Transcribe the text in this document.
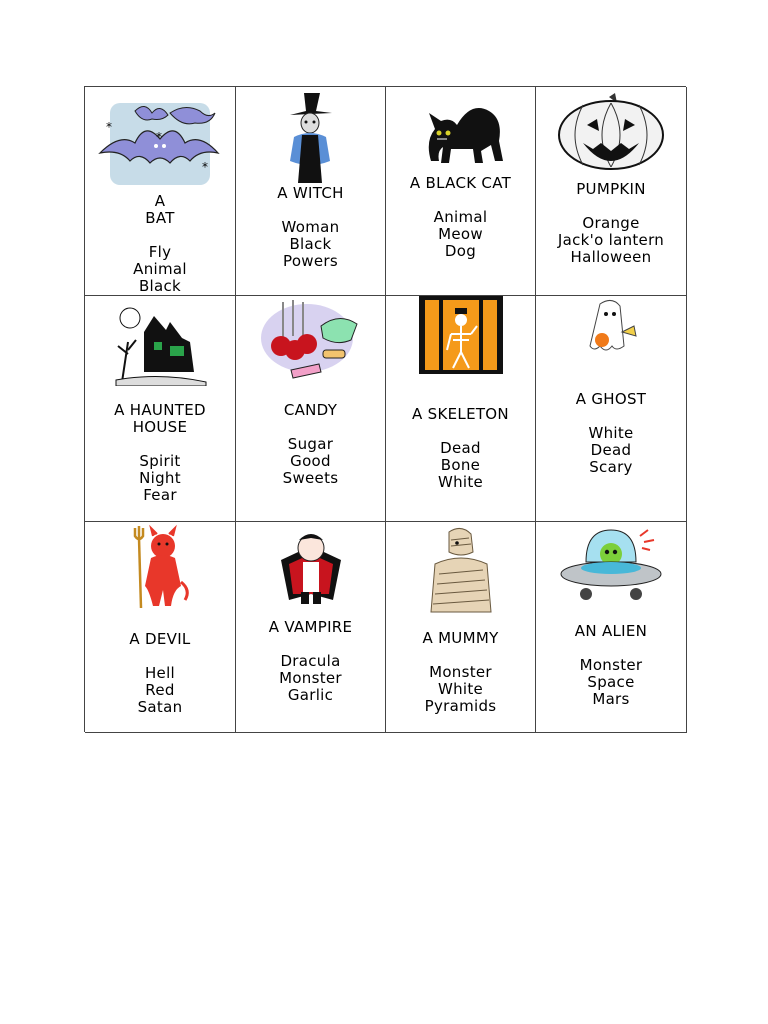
*
*
*
A
BAT
Fly
Animal
Black
A WITCH
Woman
Black
Powers
A BLACK CAT
Animal
Meow
Dog
PUMPKIN
Orange
Jack'o lantern
Halloween
A HAUNTED
HOUSE
Spirit
Night
Fear
CANDY
Sugar
Good
Sweets
A SKELETON
Dead
Bone
White
A GHOST
White
Dead
Scary
A DEVIL
Hell
Red
Satan
A VAMPIRE
Dracula
Monster
Garlic
A MUMMY
Monster
White
Pyramids
AN ALIEN
Monster
Space
Mars
